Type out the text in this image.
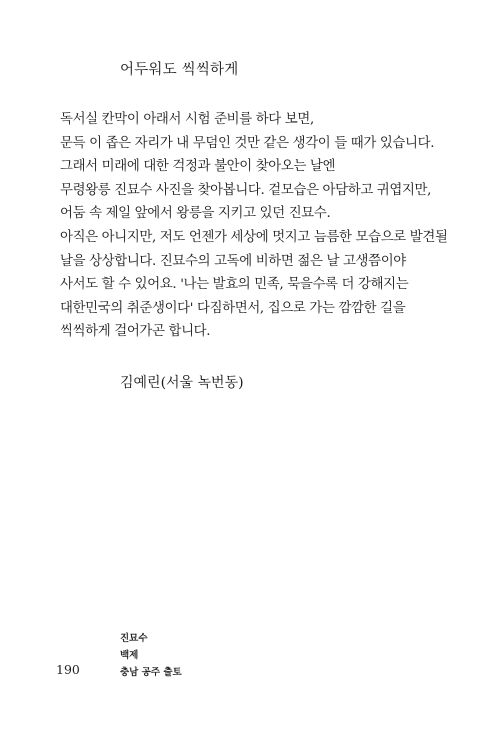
어두워도 씩씩하게
독서실 칸막이 아래서 시험 준비를 하다 보면,
문득 이 좁은 자리가 내 무덤인 것만 같은 생각이 들 때가 있습니다.
그래서 미래에 대한 걱정과 불안이 찾아오는 날엔
무령왕릉 진묘수 사진을 찾아봅니다. 겉모습은 아담하고 귀엽지만,
어둠 속 제일 앞에서 왕릉을 지키고 있던 진묘수.
아직은 아니지만, 저도 언젠가 세상에 멋지고 늠름한 모습으로 발견될
날을 상상합니다. 진묘수의 고독에 비하면 젊은 날 고생쯤이야
사서도 할 수 있어요. '나는 발효의 민족, 묵을수록 더 강해지는
대한민국의 취준생이다' 다짐하면서, 집으로 가는 깜깜한 길을
씩씩하게 걸어가곤 합니다.
김예린(서울 녹번동)
진묘수
백제
충남 공주 출토
190
